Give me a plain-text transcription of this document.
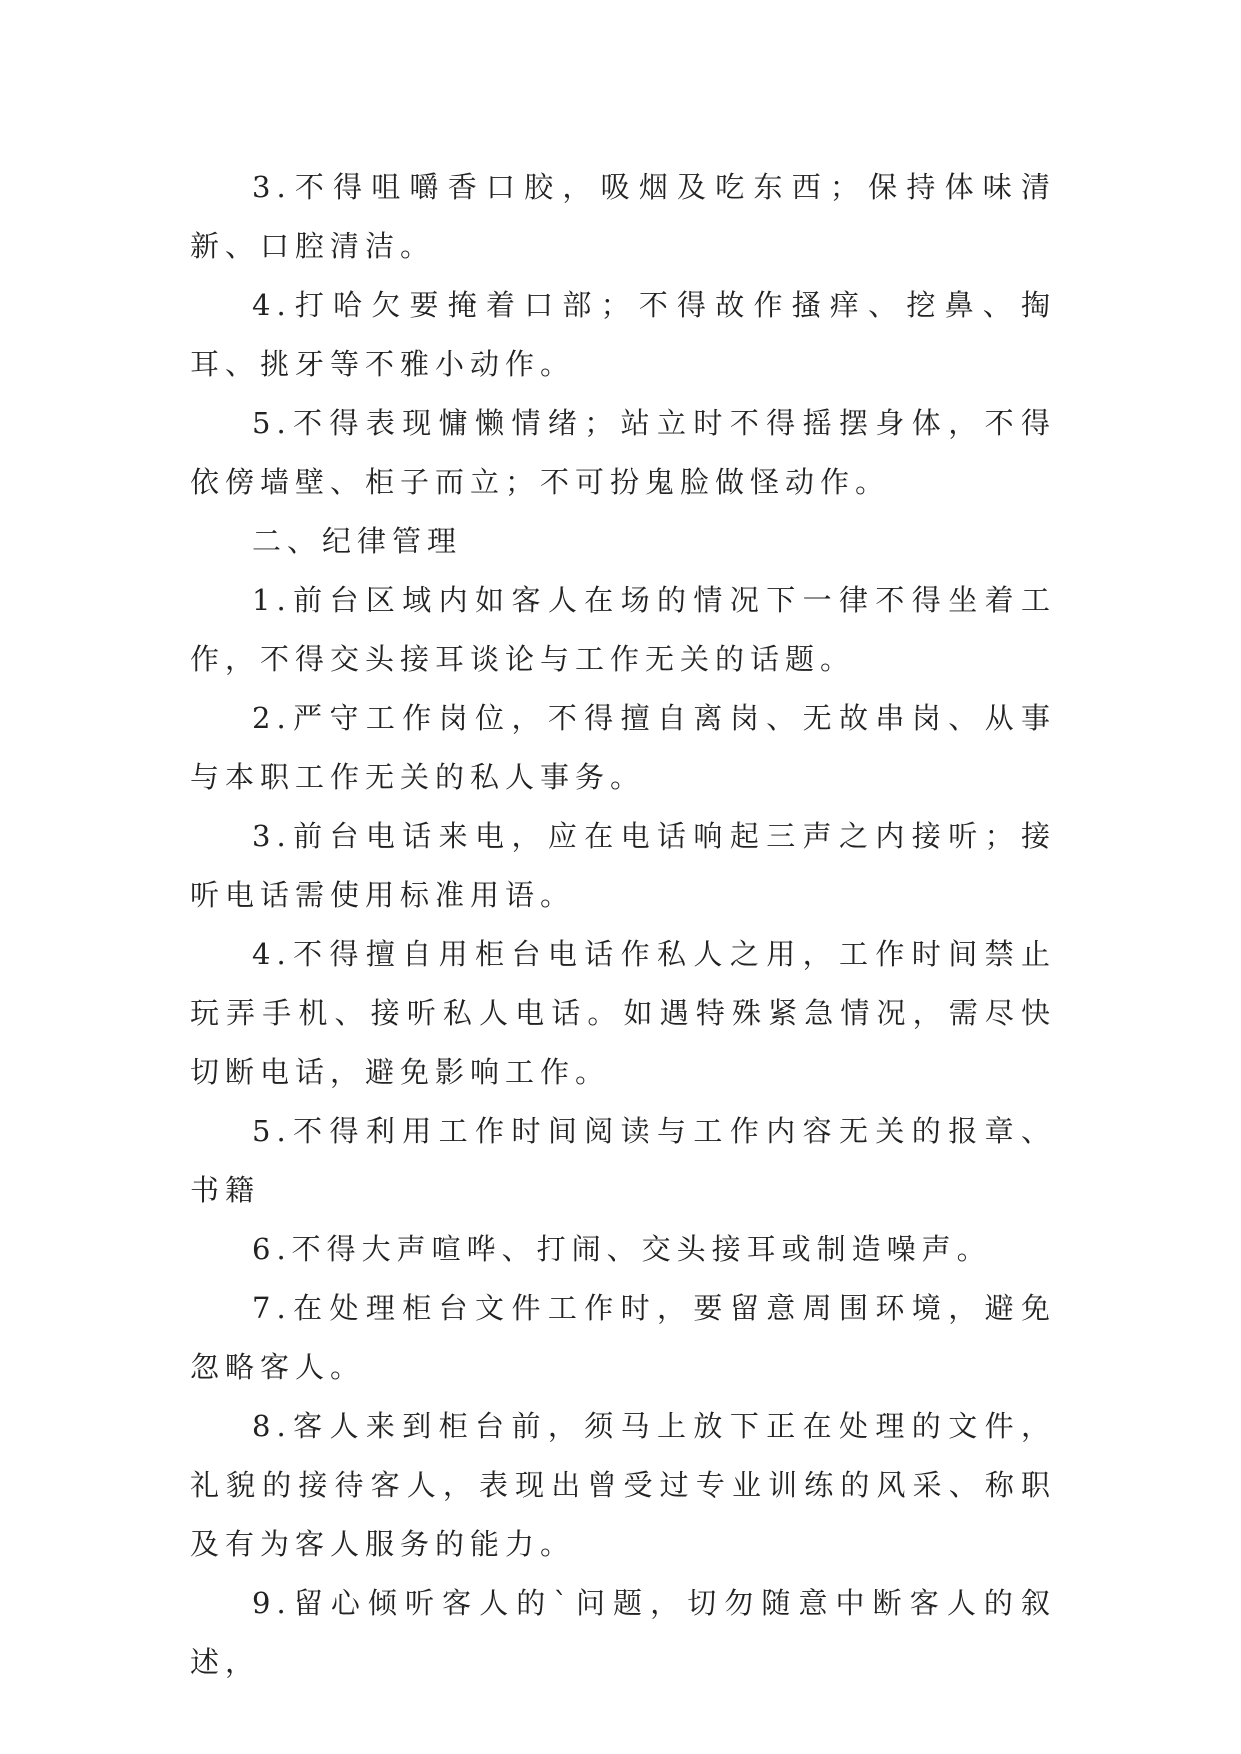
3.不得咀嚼香口胶，吸烟及吃东西；保持体味清新、口腔清洁。

4.打哈欠要掩着口部；不得故作搔痒、挖鼻、掏耳、挑牙等不雅小动作。

5.不得表现慵懒情绪；站立时不得摇摆身体，不得依傍墙壁、柜子而立；不可扮鬼脸做怪动作。

二、纪律管理

1.前台区域内如客人在场的情况下一律不得坐着工作，不得交头接耳谈论与工作无关的话题。

2.严守工作岗位，不得擅自离岗、无故串岗、从事与本职工作无关的私人事务。

3.前台电话来电，应在电话响起三声之内接听；接听电话需使用标准用语。

4.不得擅自用柜台电话作私人之用，工作时间禁止玩弄手机、接听私人电话。如遇特殊紧急情况，需尽快切断电话，避免影响工作。

5.不得利用工作时间阅读与工作内容无关的报章、书籍

6.不得大声喧哗、打闹、交头接耳或制造噪声。

7.在处理柜台文件工作时，要留意周围环境，避免忽略客人。

8.客人来到柜台前，须马上放下正在处理的文件，礼貌的接待客人，表现出曾受过专业训练的风采、称职及有为客人服务的能力。

9.留心倾听客人的`问题，切勿随意中断客人的叙述，
